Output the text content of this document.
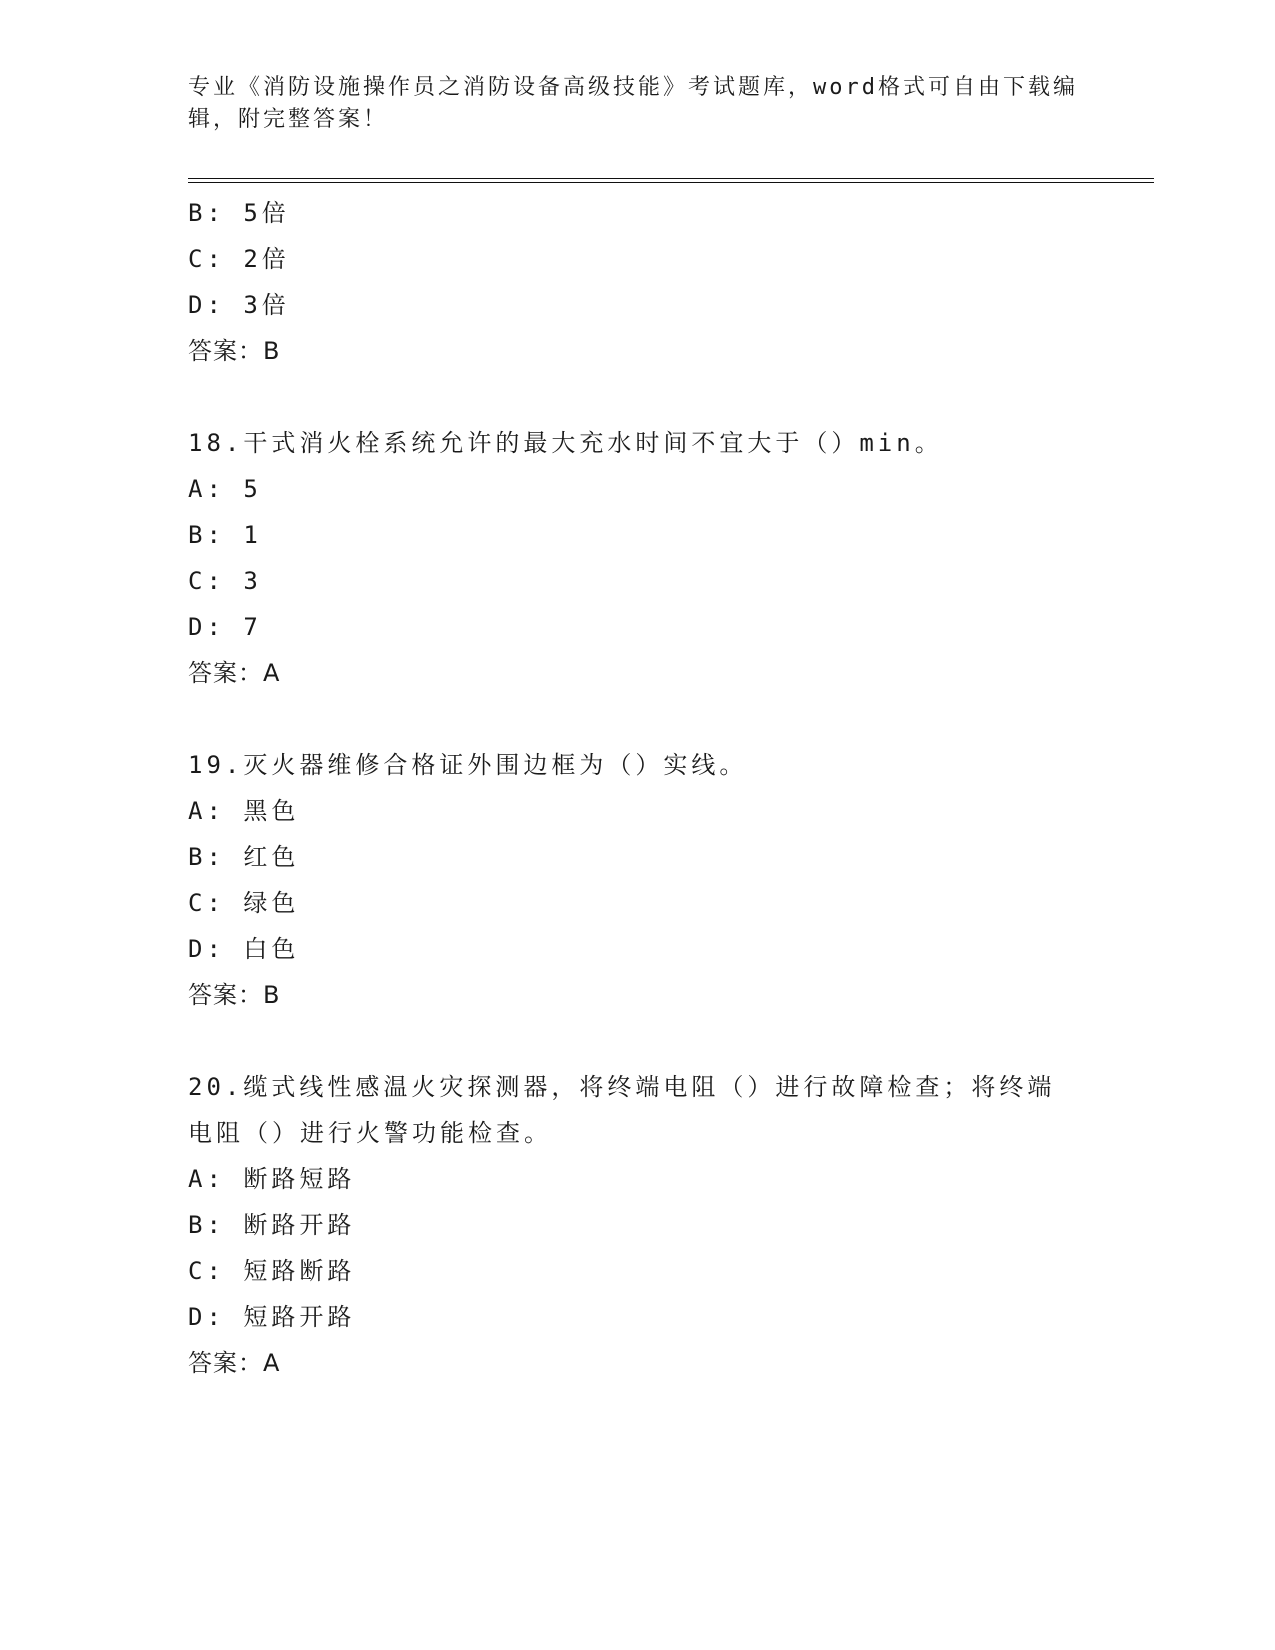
专业《消防设施操作员之消防设备高级技能》考试题库，word格式可自由下载编
辑，附完整答案！
B: 5倍
C: 2倍
D: 3倍
答案：B
18.干式消火栓系统允许的最大充水时间不宜大于（）min。
A: 5
B: 1
C: 3
D: 7
答案：A
19.灭火器维修合格证外围边框为（）实线。
A: 黑色
B: 红色
C: 绿色
D: 白色
答案：B
20.缆式线性感温火灾探测器，将终端电阻（）进行故障检查；将终端
电阻（）进行火警功能检查。
A: 断路短路
B: 断路开路
C: 短路断路
D: 短路开路
答案：A
